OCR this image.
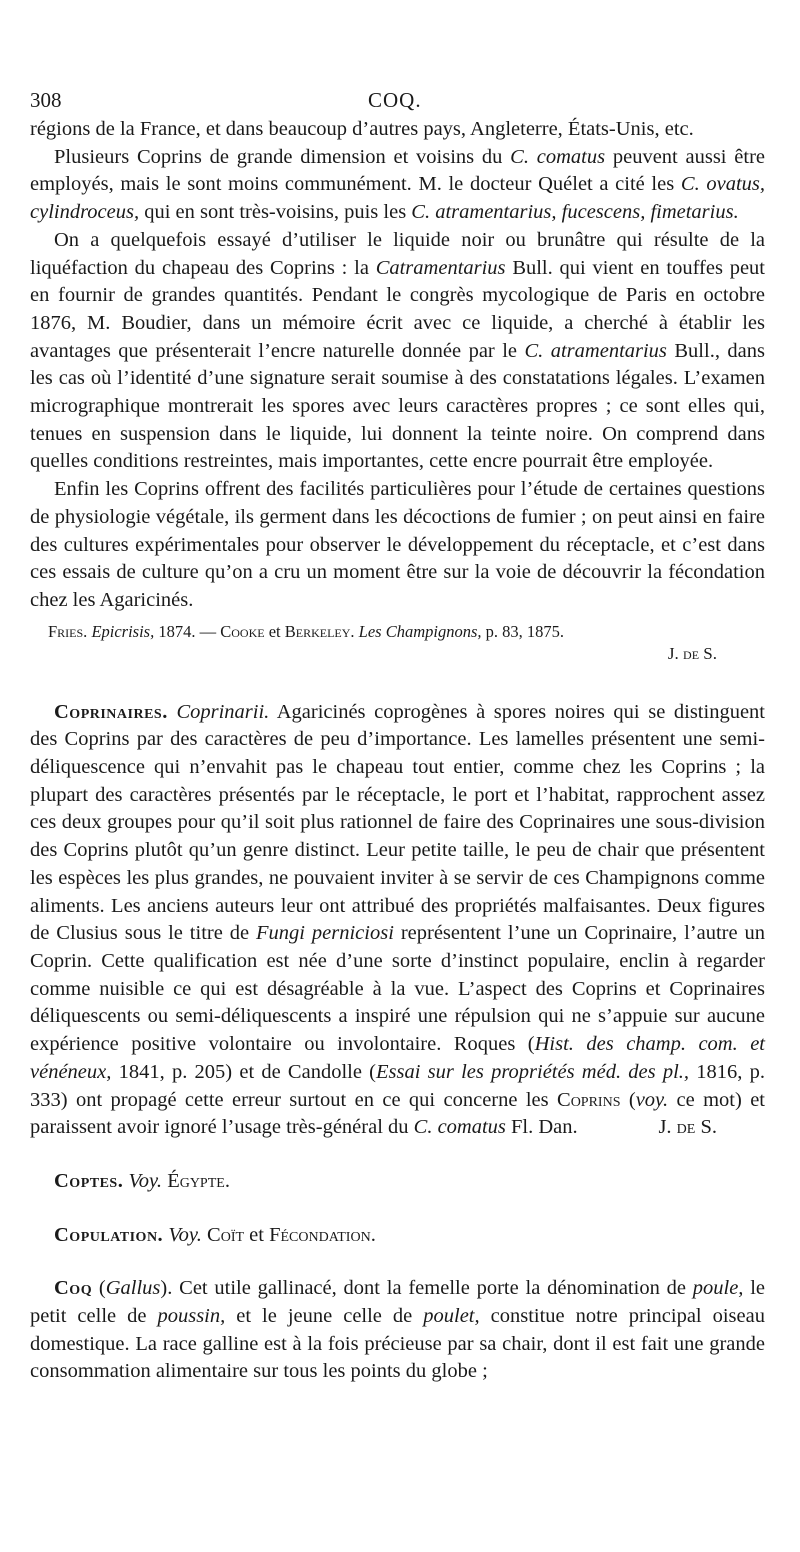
308	COQ.

régions de la France, et dans beaucoup d’autres pays, Angleterre, États-Unis, etc.

Plusieurs Coprins de grande dimension et voisins du C. comatus peuvent aussi être employés, mais le sont moins communément. M. le docteur Quélet a cité les C. ovatus, cylindroceus, qui en sont très-voisins, puis les C. atramentarius, fucescens, fimetarius.

On a quelquefois essayé d’utiliser le liquide noir ou brunâtre qui résulte de la liquéfaction du chapeau des Coprins : la Catramentarius Bull. qui vient en touffes peut en fournir de grandes quantités. Pendant le congrès mycologique de Paris en octobre 1876, M. Boudier, dans un mémoire écrit avec ce liquide, a cherché à établir les avantages que présenterait l’encre naturelle donnée par le C. atramentarius Bull., dans les cas où l’identité d’une signature serait soumise à des constatations légales. L’examen micrographique montrerait les spores avec leurs caractères propres ; ce sont elles qui, tenues en suspension dans le liquide, lui donnent la teinte noire. On comprend dans quelles conditions restreintes, mais importantes, cette encre pourrait être employée.

Enfin les Coprins offrent des facilités particulières pour l’étude de certaines questions de physiologie végétale, ils germent dans les décoctions de fumier ; on peut ainsi en faire des cultures expérimentales pour observer le développement du réceptacle, et c’est dans ces essais de culture qu’on a cru un moment être sur la voie de découvrir la fécondation chez les Agaricinés.

Fries. Epicrisis, 1874. — Cooke et Berkeley. Les Champignons, p. 83, 1875.
J. de S.

Coprinaires. Coprinarii. Agaricinés coprogènes à spores noires qui se distinguent des Coprins par des caractères de peu d’importance. Les lamelles présentent une semi-déliquescence qui n’envahit pas le chapeau tout entier, comme chez les Coprins ; la plupart des caractères présentés par le réceptacle, le port et l’habitat, rapprochent assez ces deux groupes pour qu’il soit plus rationnel de faire des Coprinaires une sous-division des Coprins plutôt qu’un genre distinct. Leur petite taille, le peu de chair que présentent les espèces les plus grandes, ne pouvaient inviter à se servir de ces Champignons comme aliments. Les anciens auteurs leur ont attribué des propriétés malfaisantes. Deux figures de Clusius sous le titre de Fungi perniciosi représentent l’une un Coprinaire, l’autre un Coprin. Cette qualification est née d’une sorte d’instinct populaire, enclin à regarder comme nuisible ce qui est désagréable à la vue. L’aspect des Coprins et Coprinaires déliquescents ou semi-déliquescents a inspiré une répulsion qui ne s’appuie sur aucune expérience positive volontaire ou involontaire. Roques (Hist. des champ. com. et vénéneux, 1841, p. 205) et de Candolle (Essai sur les propriétés méd. des pl., 1816, p. 333) ont propagé cette erreur surtout en ce qui concerne les Coprins (voy. ce mot) et paraissent avoir ignoré l’usage très-général du C. comatus Fl. Dan.	J. de S.

Coptes. Voy. Égypte.

Copulation. Voy. Coït et Fécondation.

Coq (Gallus). Cet utile gallinacé, dont la femelle porte la dénomination de poule, le petit celle de poussin, et le jeune celle de poulet, constitue notre principal oiseau domestique. La race galline est à la fois précieuse par sa chair, dont il est fait une grande consommation alimentaire sur tous les points du globe ;
